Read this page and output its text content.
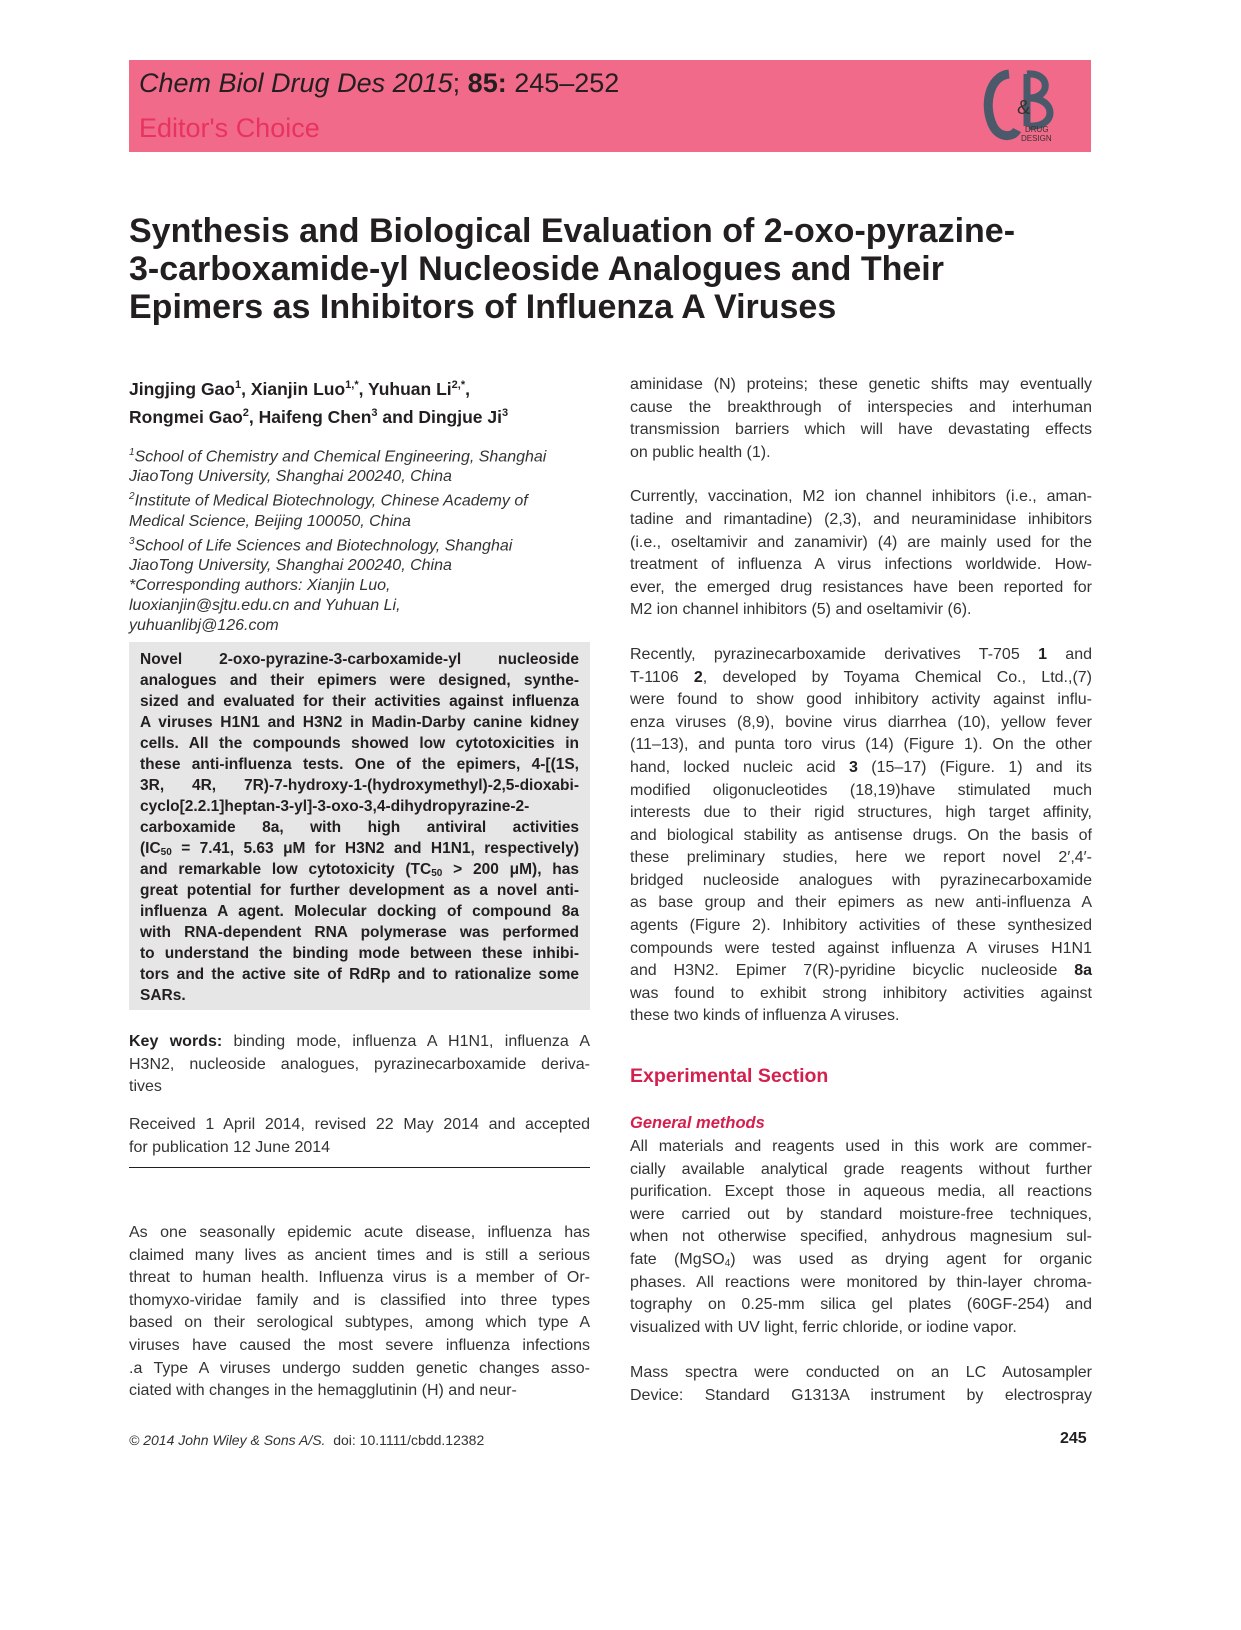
Chem Biol Drug Des 2015; 85: 245–252
Editor's Choice
&
DRUG
DESIGN
Synthesis and Biological Evaluation of 2-oxo-pyrazine-
3-carboxamide-yl Nucleoside Analogues and Their
Epimers as Inhibitors of Influenza A Viruses
Jingjing Gao$^1$, Xianjin Luo$^{1,*}$, Yuhuan $Li^{2,*}$,
Rongmei Gao$^2$, Haifeng Chen$^3$ and Dingjue Ji$^3$
$^1$School of Chemistry and Chemical Engineering, Shanghai
JiaoTong University, Shanghai 200240, China
$^2$Institute of Medical Biotechnology, Chinese Academy of
Medical Science, Beijing 100050, China
$^3$School of Life Sciences and Biotechnology, Shanghai
JiaoTong University, Shanghai 200240, China
*Corresponding authors: Xianjin Luo,
luoxianjin@sjtu.edu.cn and Yuhuan Li,
yuhuanlibj@126.com
Novel 2-oxo-pyrazine-3-carboxamide-yl nucleoside
analogues and their epimers were designed, synthe-
sized and evaluated for their activities against influenza
A viruses H1N1 and H3N2 in Madin-Darby canine kidney
cells. All the compounds showed low cytotoxicities in
these anti-influenza tests. One of the epimers, 4-[(1S,
3R, 4R, 7R)-7-hydroxy-1-(hydroxymethyl)-2,5-dioxabi-
cyclo[2.2.1]heptan-3-yl]-3-oxo-3,4-dihydropyrazine-2-
carboxamide 8a, with high antiviral activities
($IC_{50} = 7.41$, 5.63 μM for H3N2 and H1N1, respectively)
and remarkable low cytotoxicity ($TC_{50} > 200$ μM), has
great potential for further development as a novel anti-
influenza A agent. Molecular docking of compound 8a
with RNA-dependent RNA polymerase was performed
to understand the binding mode between these inhibi-
tors and the active site of RdRp and to rationalize some
SARs.
Key words: binding mode, influenza A H1N1, influenza A
H3N2, nucleoside analogues, pyrazinecarboxamide deriva-
tives
Received 1 April 2014, revised 22 May 2014 and accepted
for publication 12 June 2014
As one seasonally epidemic acute disease, influenza has
claimed many lives as ancient times and is still a serious
threat to human health. Influenza virus is a member of Or-
thomyxo-viridae family and is classified into three types
based on their serological subtypes, among which type A
viruses have caused the most severe influenza infections
.a Type A viruses undergo sudden genetic changes asso-
ciated with changes in the hemagglutinin (H) and neur-
aminidase (N) proteins; these genetic shifts may eventually
cause the breakthrough of interspecies and interhuman
transmission barriers which will have devastating effects
on public health (1).
Currently, vaccination, M2 ion channel inhibitors (i.e., aman-
tadine and rimantadine) (2,3), and neuraminidase inhibitors
(i.e., oseltamivir and zanamivir) (4) are mainly used for the
treatment of influenza A virus infections worldwide. How-
ever, the emerged drug resistances have been reported for
M2 ion channel inhibitors (5) and oseltamivir (6).
Recently, pyrazinecarboxamide derivatives T-705 1 and
T-1106 2, developed by Toyama Chemical Co., Ltd.,(7)
were found to show good inhibitory activity against influ-
enza viruses (8,9), bovine virus diarrhea (10), yellow fever
(11–13), and punta toro virus (14) (Figure 1). On the other
hand, locked nucleic acid 3 (15–17) (Figure. 1) and its
modified oligonucleotides (18,19)have stimulated much
interests due to their rigid structures, high target affinity,
and biological stability as antisense drugs. On the basis of
these preliminary studies, here we report novel 2′,4′-
bridged nucleoside analogues with pyrazinecarboxamide
as base group and their epimers as new anti-influenza A
agents (Figure 2). Inhibitory activities of these synthesized
compounds were tested against influenza A viruses H1N1
and H3N2. Epimer 7(R)-pyridine bicyclic nucleoside 8a
was found to exhibit strong inhibitory activities against
these two kinds of influenza A viruses.
Experimental Section
General methods
All materials and reagents used in this work are commer-
cially available analytical grade reagents without further
purification. Except those in aqueous media, all reactions
were carried out by standard moisture-free techniques,
when not otherwise specified, anhydrous magnesium sul-
fate (MgSO$_4$) was used as drying agent for organic
phases. All reactions were monitored by thin-layer chroma-
tography on 0.25-mm silica gel plates (60GF-254) and
visualized with UV light, ferric chloride, or iodine vapor.
Mass spectra were conducted on an LC Autosampler
Device: Standard G1313A instrument by electrospray
© 2014 John Wiley & Sons A/S. doi: 10.1111/cbdd.12382	245
